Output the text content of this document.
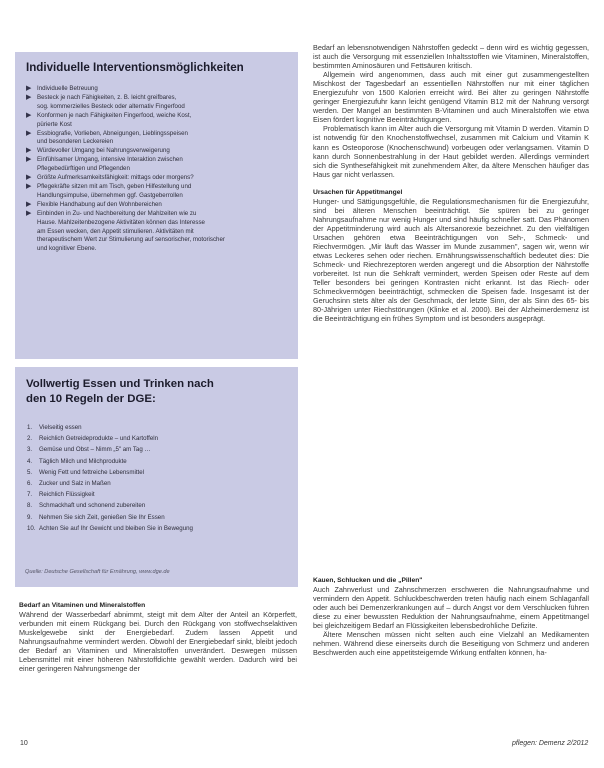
Individuelle Interventionsmöglichkeiten
▶ Individuelle Betreuung
▶ Besteck je nach Fähigkeiten, z. B. leicht greifbares,
sog. kommerzielles Besteck oder alternativ Fingerfood
▶ Konformen je nach Fähigkeiten Fingerfood, weiche Kost,
pürierte Kost
▶ Essbiografie, Vorlieben, Abneigungen, Lieblingsspeisen
und besonderen Leckereien
▶ Würdevoller Umgang bei Nahrungsverweigerung
▶ Einfühlsamer Umgang, intensive Interaktion zwischen
Pflegebedürftigen und Pflegenden
▶ Größte Aufmerksamkeitsfähigkeit: mittags oder morgens?
▶ Pflegekräfte sitzen mit am Tisch, geben Hilfestellung und
Handlungsimpulse, übernehmen ggf. Gastgeberrollen
▶ Flexible Handhabung auf den Wohnbereichen
▶ Einbinden in Zu- und Nachbereitung der Mahlzeiten wie zu
Hause. Mahlzeitenbezogene Aktivitäten können das Interesse
am Essen wecken, den Appetit stimulieren. Aktivitäten mit
therapeutischem Wert zur Stimulierung auf sensorischer, motorischer
und kognitiver Ebene.
Vollwertig Essen und Trinken nach
den 10 Regeln der DGE:
1. Vielseitig essen
2. Reichlich Getreideprodukte – und Kartoffeln
3. Gemüse und Obst – Nimm „5" am Tag …
4. Täglich Milch und Milchprodukte
5. Wenig Fett und fettreiche Lebensmittel
6. Zucker und Salz in Maßen
7. Reichlich Flüssigkeit
8. Schmackhaft und schonend zubereiten
9. Nehmen Sie sich Zeit, genießen Sie Ihr Essen
10. Achten Sie auf Ihr Gewicht und bleiben Sie in Bewegung
Quelle: Deutsche Gesellschaft für Ernährung, www.dge.de
Bedarf an Vitaminen und Mineralstoffen

Während der Wasserbedarf abnimmt, steigt mit dem Alter der Anteil an Körperfett, verbunden mit einem Rückgang bei. Durch den Rückgang von stoffwechselaktiven Muskelgewebe sinkt der Energiebedarf. Zudem lassen Appetit und Nahrungsaufnahme vermindert werden. Obwohl der Energiebedarf sinkt, bleibt jedoch der Bedarf an Vitaminen und Mineralstoffen unverändert. Deswegen müssen Lebensmittel mit einer höheren Nährstoffdichte gewählt werden. Dadurch wird bei einer geringeren Nahrungsmenge der

Bedarf an lebensnotwendigen Nährstoffen gedeckt – denn wird es wichtig gegessen, ist auch die Versorgung mit essenziellen Inhaltsstoffen wie Vitaminen, Mineralstoffen, bestimmten Aminosäuren und Fettsäuren kritisch.

Allgemein wird angenommen, dass auch mit einer gut zusammengestellten Mischkost der Tagesbedarf an essentiellen Nährstoffen nur mit einer täglichen Energiezufuhr von 1500 Kalorien erreicht wird. Bei älter zu geringen Nährstoffe geringer Energiezufuhr kann leicht genügend Vitamin B12 mit der Nahrung versorgt werden. Der Mangel an bestimmten B-Vitaminen und auch Mineralstoffen wie etwa Eisen fördert kognitive Beeinträchtigungen.

Problematisch kann im Alter auch die Versorgung mit Vitamin D werden. Vitamin D ist notwendig für den Knochenstoffwechsel, zusammen mit Calcium und Vitamin K kann es Osteoporose (Knochenschwund) vorbeugen oder verlangsamen. Vitamin D kann durch Sonnenbestrahlung in der Haut gebildet werden. Allerdings vermindert sich die Synthesefähigkeit mit zunehmendem Alter, da ältere Menschen häufiger das Haus gar nicht verlassen.

Ursachen für Appetitmangel

Hunger- und Sättigungsgefühle, die Regulationsmechanismen für die Energiezufuhr, sind bei älteren Menschen beeinträchtigt. Sie spüren bei zu geringer Nahrungsaufnahme nur wenig Hunger und sind häufig schneller satt. Das Phänomen der Appetitminderung wird auch als Altersanorexie bezeichnet. Zu den vielfältigen Ursachen gehören etwa Beeinträchtigungen von Seh-, Schmeck- und Riechvermögen. „Mir läuft das Wasser im Munde zusammen", sagen wir, wenn wir etwas Leckeres sehen oder riechen. Ernährungswissenschaftlich bedeutet dies: Die Schmeck- und Riechrezeptoren werden angeregt und die Absorption der Nährstoffe vorbereitet. Ist nun die Sehkraft vermindert, werden Speisen oder Reste auf dem Teller besonders bei geringen Kontrasten nicht erkannt. Ist das Riech- oder Schmeckvermögen beeinträchtigt, schmecken die Speisen fade. Insgesamt ist der Geruchsinn stets älter als der Geschmack, der letzte Sinn, der als Sinn des 65- bis 80-Jährigen unter Riechstörungen (Klinke et al. 2000). Bei der Alzheimerdemenz ist die Beeinträchtigung ein frühes Symptom und ist besonders ausgeprägt.

Kauen, Schlucken und die „Pillen"

Auch Zahnverlust und Zahnschmerzen erschweren die Nahrungsaufnahme und vermindern den Appetit. Schluckbeschwerden treten häufig nach einem Schlaganfall oder auch bei Demenzerkrankungen auf – durch Angst vor dem Verschlucken führen diese zu einer bewussten Reduktion der Nahrungsaufnahme, einem Appetitmangel bei gleichzeitigem Bedarf an Flüssigkeiten lebensbedrohliche Defizite.

Ältere Menschen müssen nicht selten auch eine Vielzahl an Medikamenten nehmen. Während diese einerseits durch die Beseitigung von Schmerz und anderen Beschwerden auch eine appetitsteigernde Wirkung entfalten können, ha-

10	pflegen: Demenz 2/2012
